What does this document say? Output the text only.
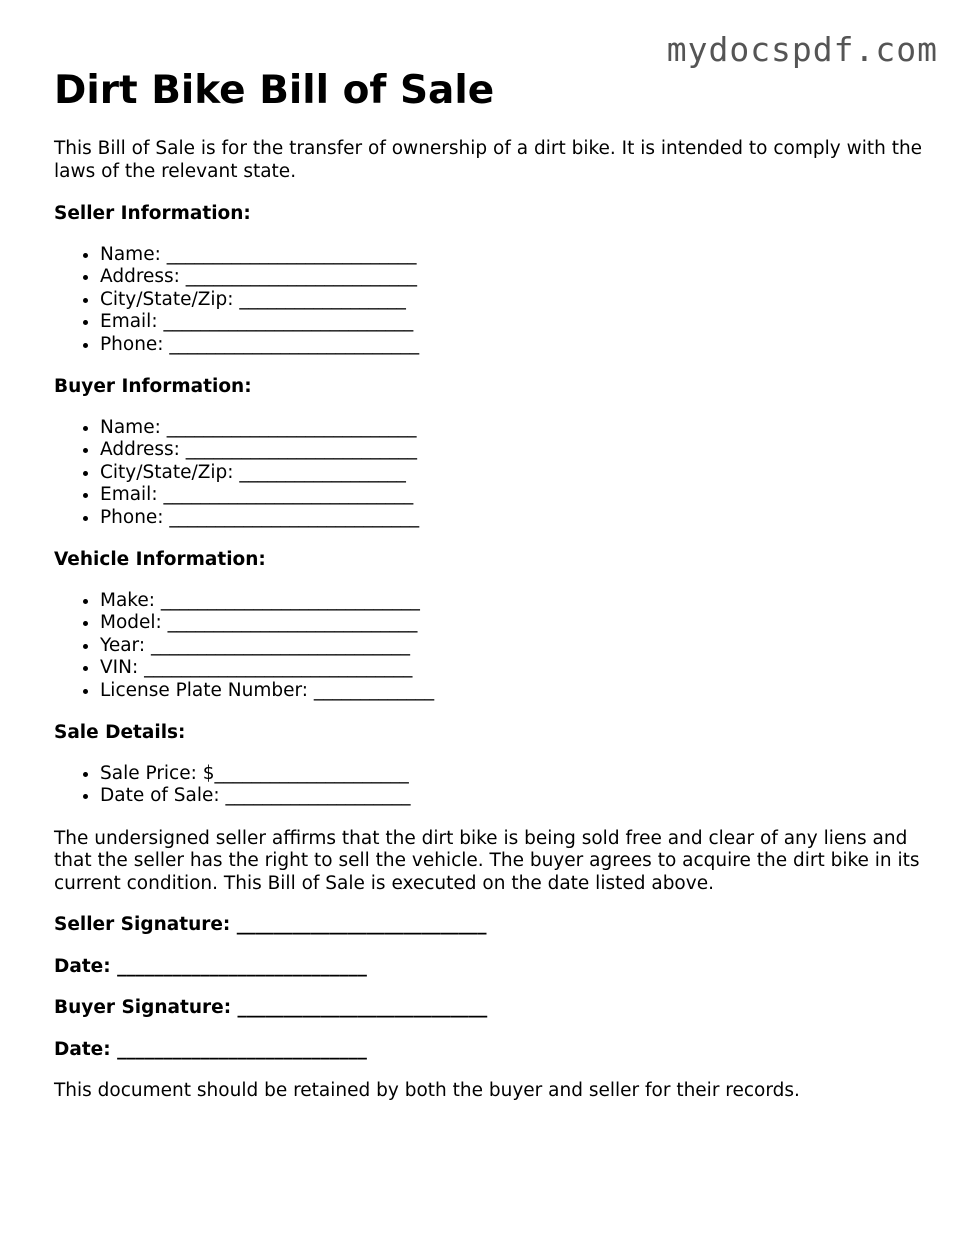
mydocspdf.com
Dirt Bike Bill of Sale

This Bill of Sale is for the transfer of ownership of a dirt bike. It is intended to comply with the laws of the relevant state.

Seller Information:

• Name: ___________________________
• Address: _________________________
• City/State/Zip: __________________
• Email: ___________________________
• Phone: ___________________________

Buyer Information:

• Name: ___________________________
• Address: _________________________
• City/State/Zip: __________________
• Email: ___________________________
• Phone: ___________________________

Vehicle Information:

• Make: ____________________________
• Model: ___________________________
• Year: ____________________________
• VIN: _____________________________
• License Plate Number: _____________

Sale Details:

• Sale Price: $_____________________
• Date of Sale: ____________________

The undersigned seller affirms that the dirt bike is being sold free and clear of any liens and that the seller has the right to sell the vehicle. The buyer agrees to acquire the dirt bike in its current condition. This Bill of Sale is executed on the date listed above.

Seller Signature: ___________________________

Date: ___________________________

Buyer Signature: ___________________________

Date: ___________________________

This document should be retained by both the buyer and seller for their records.
